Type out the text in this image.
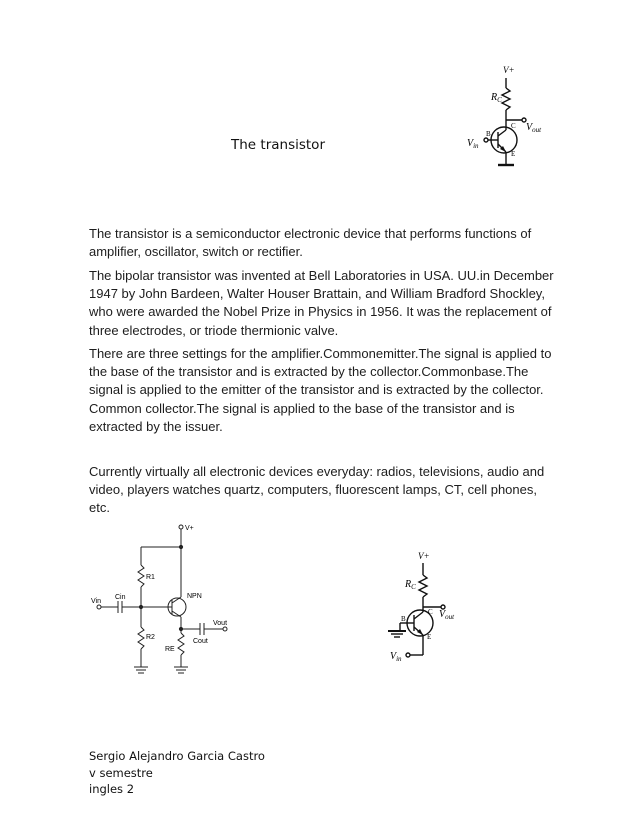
The transistor
The transistor is a semiconductor electronic device that performs functions of amplifier, oscillator, switch or rectifier.
The bipolar transistor was invented at Bell Laboratories in USA. UU.in December 1947 by John Bardeen, Walter Houser Brattain, and William Bradford Shockley, who were awarded the Nobel Prize in Physics in 1956. It was the replacement of three electrodes, or triode thermionic valve.
There are three settings for the amplifier.Commonemitter.The signal is applied to the base of the transistor and is extracted by the collector.Commonbase.The signal is applied to the emitter of the transistor and is extracted by the collector. Common collector.The signal is applied to the base of the transistor and is extracted by the issuer.
Currently virtually all electronic devices everyday: radios, televisions, audio and video, players watches quartz, computers, fluorescent lamps, CT, cell phones, etc.
V+
$R_C$
$V_{out}$
$V_{in}$
B
C
E
V+
R1
R2
RE
NPN
Vin
Cin
Vout
Cout
V+
$R_C$
$V_{out}$
$V_{in}$
B
C
E
Sergio Alejandro Garcia Castro
v semestre
ingles 2
